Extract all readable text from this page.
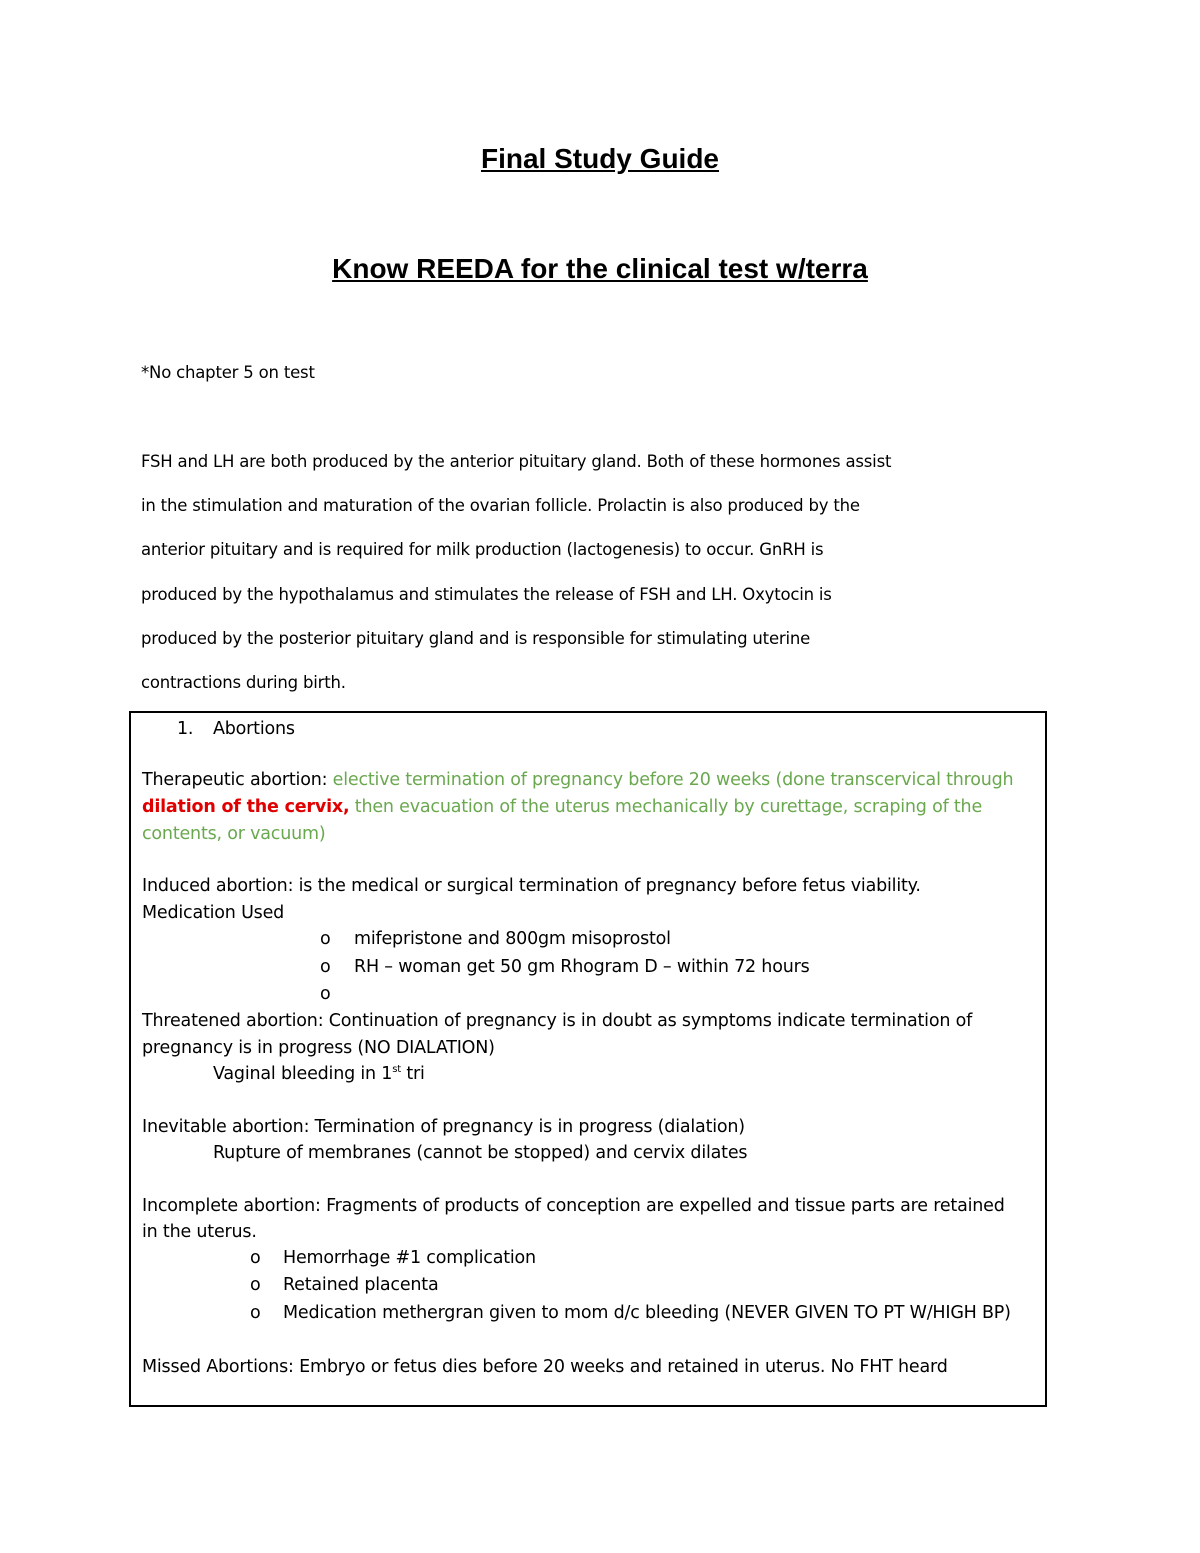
Final Study Guide
Know REEDA for the clinical test w/terra

*No chapter 5 on test

FSH and LH are both produced by the anterior pituitary gland. Both of these hormones assist
in the stimulation and maturation of the ovarian follicle. Prolactin is also produced by the
anterior pituitary and is required for milk production (lactogenesis) to occur. GnRH is
produced by the hypothalamus and stimulates the release of FSH and LH. Oxytocin is
produced by the posterior pituitary gland and is responsible for stimulating uterine
contractions during birth.
1. Abortions
Therapeutic abortion: elective termination of pregnancy before 20 weeks (done transcervical through
dilation of the cervix, then evacuation of the uterus mechanically by curettage, scraping of the
contents, or vacuum)
Induced abortion: is the medical or surgical termination of pregnancy before fetus viability.
Medication Used
o mifepristone and 800gm misoprostol
o RH – woman get 50 gm Rhogram D – within 72 hours
o
Threatened abortion: Continuation of pregnancy is in doubt as symptoms indicate termination of
pregnancy is in progress (NO DIALATION)
Vaginal bleeding in 1st tri
Inevitable abortion: Termination of pregnancy is in progress (dialation)
Rupture of membranes (cannot be stopped) and cervix dilates
Incomplete abortion: Fragments of products of conception are expelled and tissue parts are retained
in the uterus.
o Hemorrhage #1 complication
o Retained placenta
o Medication methergran given to mom d/c bleeding (NEVER GIVEN TO PT W/HIGH BP)
Missed Abortions: Embryo or fetus dies before 20 weeks and retained in uterus. No FHT heard
